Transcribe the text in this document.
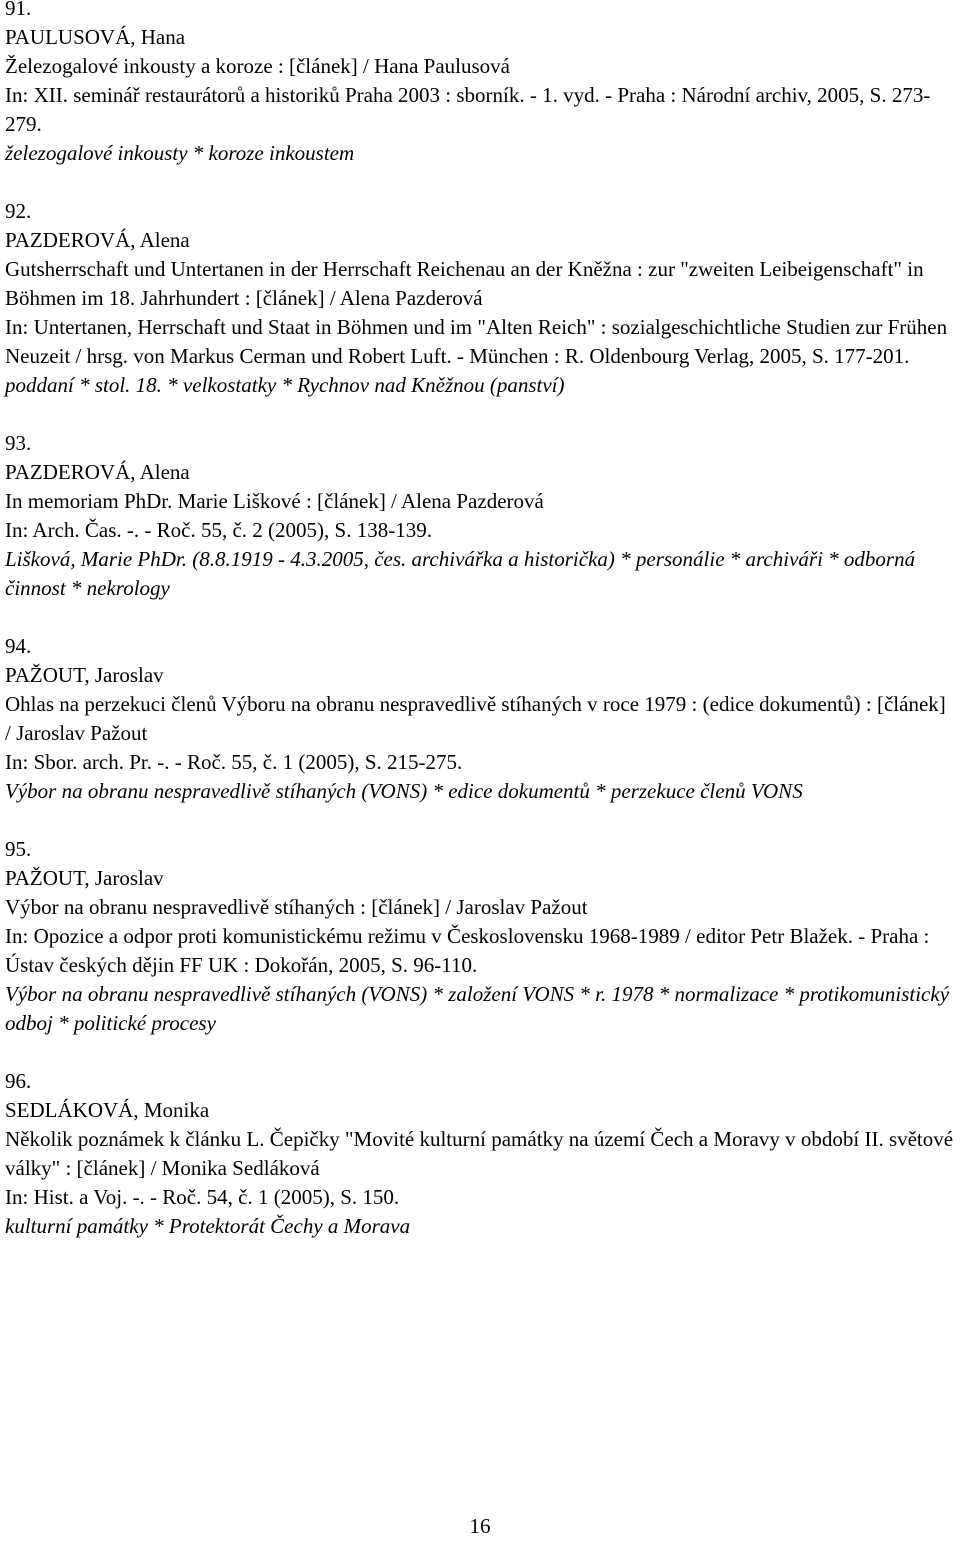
91.

PAULUSOVÁ, Hana

Železogalové inkousty a koroze : [článek] / Hana Paulusová

In: XII. seminář restaurátorů a historiků Praha 2003 : sborník. - 1. vyd. - Praha : Národní archiv, 2005, S. 273-279.

železogalové inkousty * koroze inkoustem

92.

PAZDEROVÁ, Alena

Gutsherrschaft und Untertanen in der Herrschaft Reichenau an der Kněžna : zur "zweiten Leibeigenschaft" in Böhmen im 18. Jahrhundert : [článek] / Alena Pazderová

In: Untertanen, Herrschaft und Staat in Böhmen und im "Alten Reich" : sozialgeschichtliche Studien zur Frühen Neuzeit / hrsg. von Markus Cerman und Robert Luft. - München : R. Oldenbourg Verlag, 2005, S. 177-201.

poddaní * stol. 18. * velkostatky * Rychnov nad Kněžnou (panství)

93.

PAZDEROVÁ, Alena

In memoriam PhDr. Marie Liškové : [článek] / Alena Pazderová

In: Arch. Čas. -. - Roč. 55, č. 2 (2005), S. 138-139.

Lišková, Marie PhDr. (8.8.1919 - 4.3.2005, čes. archivářka a historička) * personálie * archiváři * odborná činnost * nekrology

94.

PAŽOUT, Jaroslav

Ohlas na perzekuci členů Výboru na obranu nespravedlivě stíhaných v roce 1979 : (edice dokumentů) : [článek] / Jaroslav Pažout

In: Sbor. arch. Pr. -. - Roč. 55, č. 1 (2005), S. 215-275.

Výbor na obranu nespravedlivě stíhaných (VONS) * edice dokumentů * perzekuce členů VONS

95.

PAŽOUT, Jaroslav

Výbor na obranu nespravedlivě stíhaných : [článek] / Jaroslav Pažout

In: Opozice a odpor proti komunistickému režimu v Československu 1968-1989 / editor Petr Blažek. - Praha : Ústav českých dějin FF UK : Dokořán, 2005, S. 96-110.

Výbor na obranu nespravedlivě stíhaných (VONS) * založení VONS * r. 1978 * normalizace * protikomunistický odboj * politické procesy

96.

SEDLÁKOVÁ, Monika

Několik poznámek k článku L. Čepičky "Movité kulturní památky na území Čech a Moravy v období II. světové války" : [článek] / Monika Sedláková

In: Hist. a Voj. -. - Roč. 54, č. 1 (2005), S. 150.

kulturní památky * Protektorát Čechy a Morava

16
